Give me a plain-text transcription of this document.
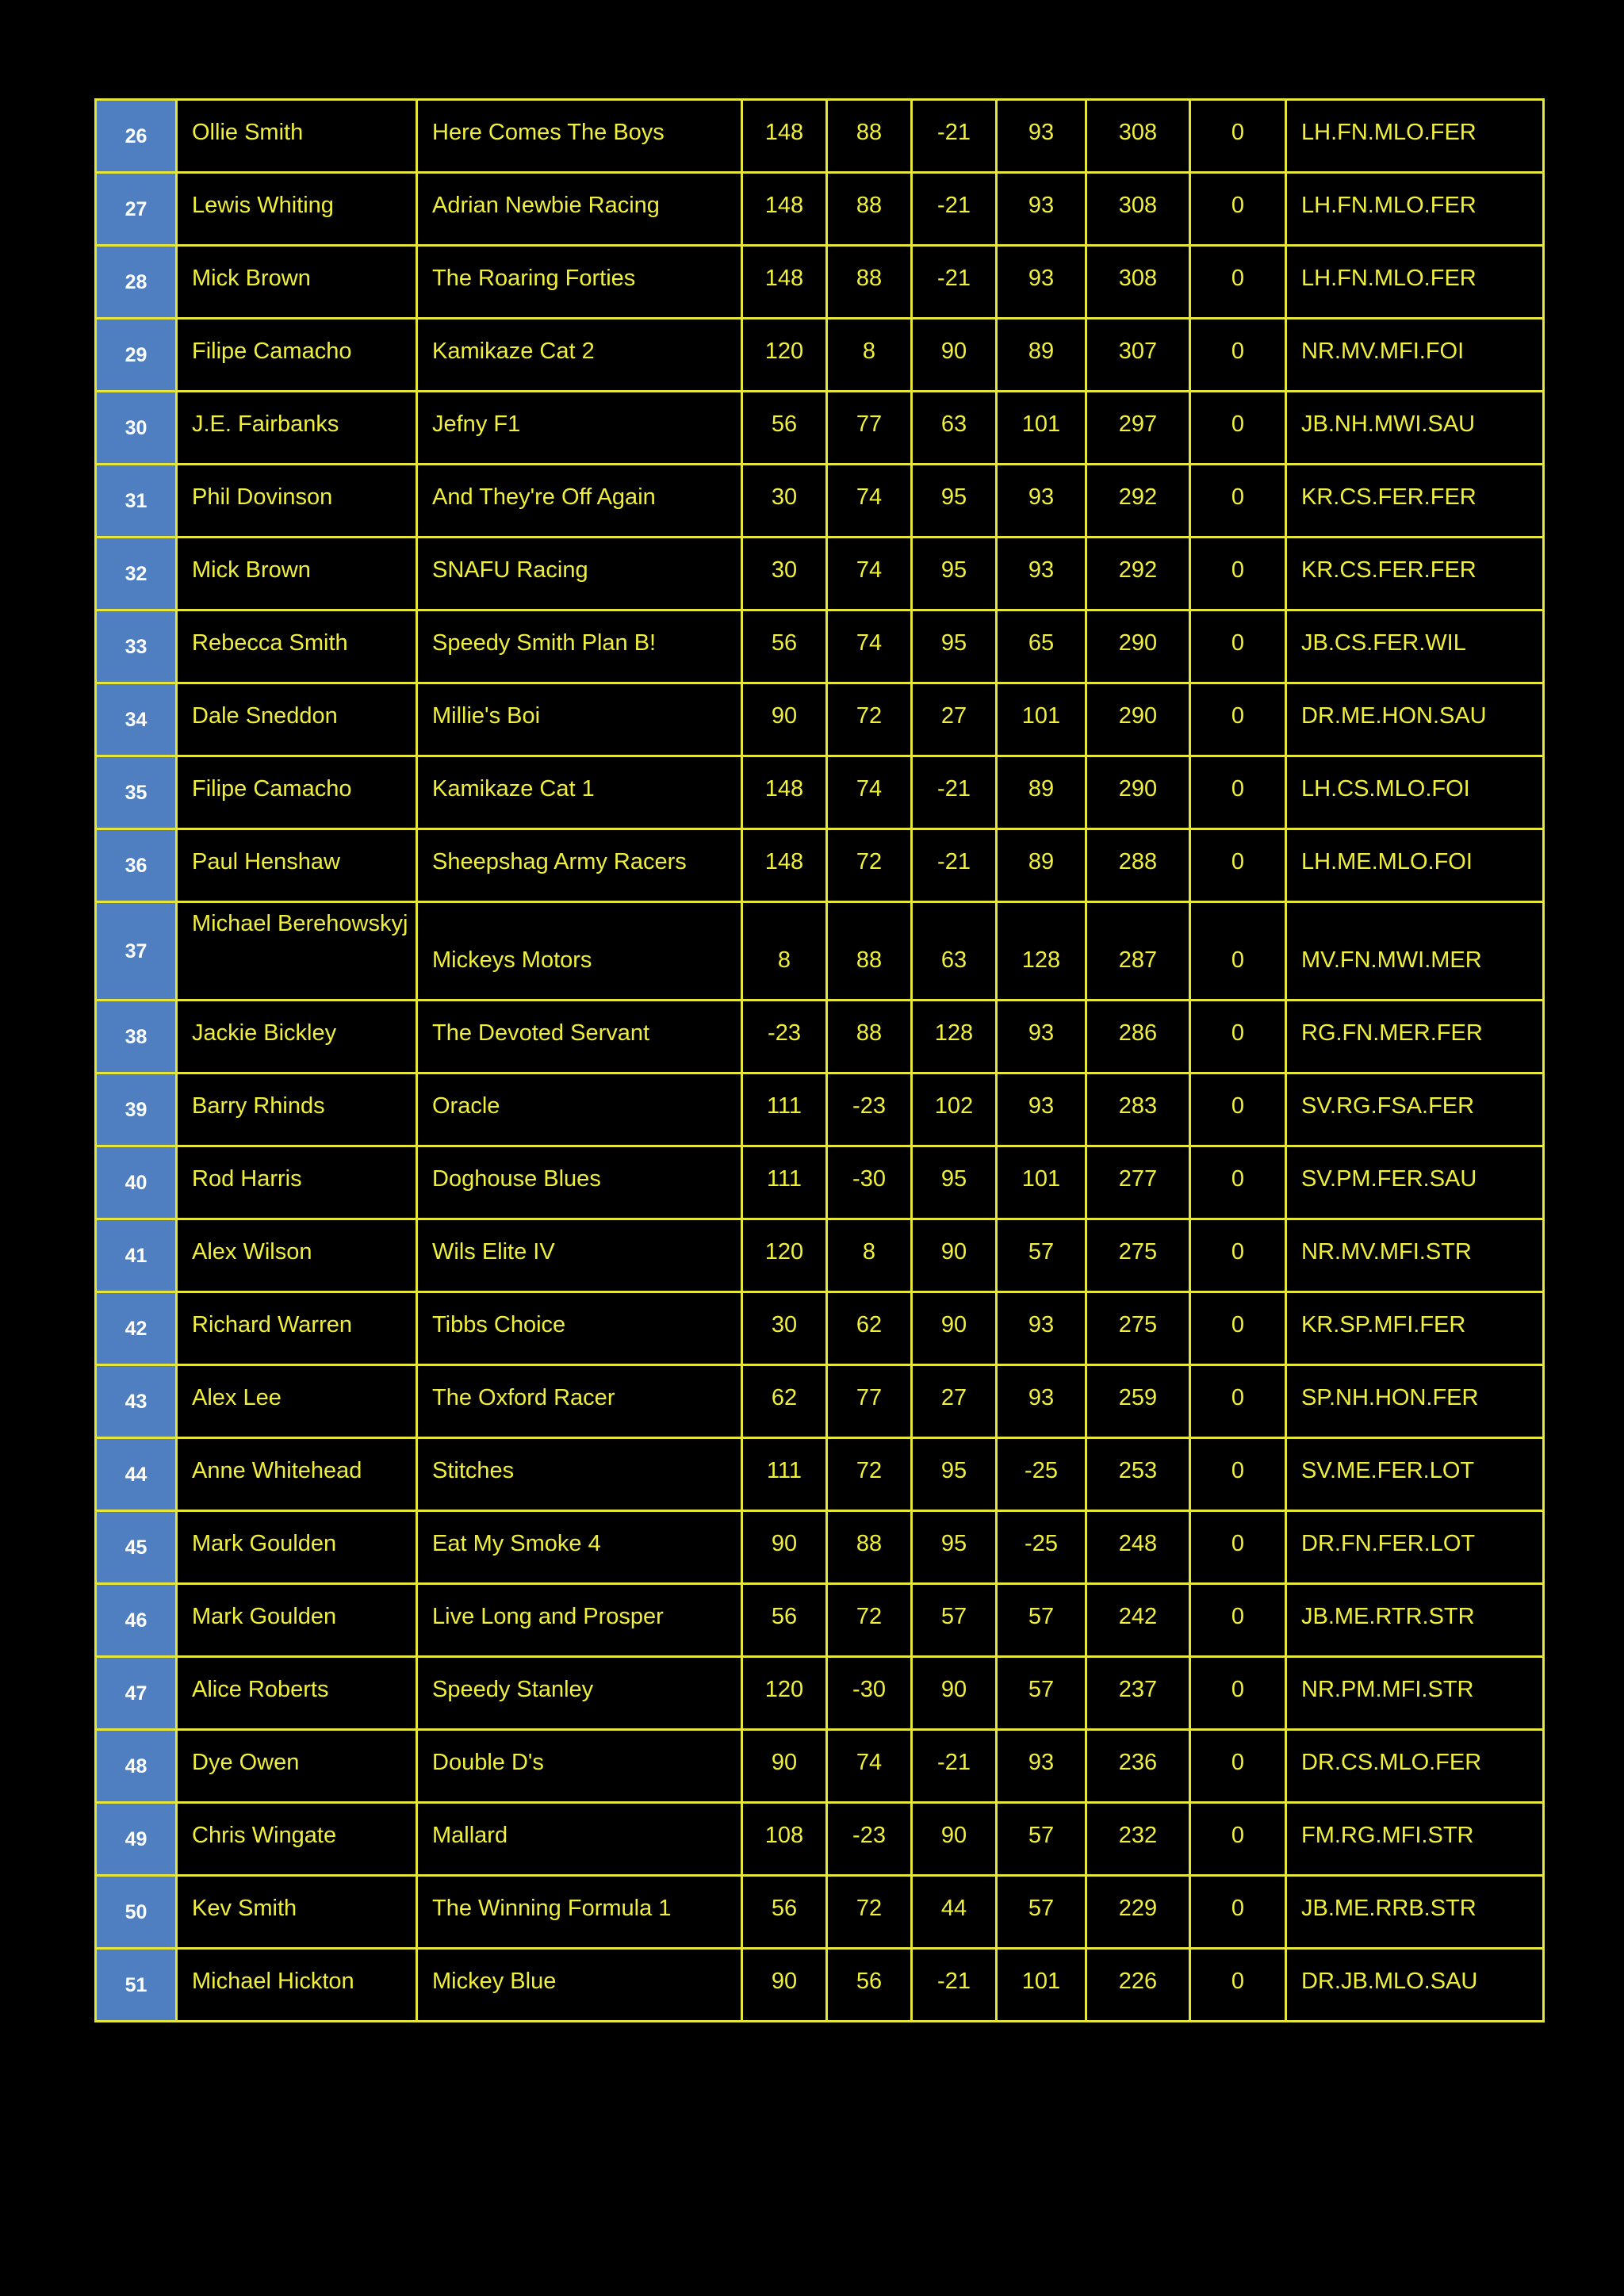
26	Ollie Smith	Here Comes The Boys	148	88	-21	93	308	0	LH.FN.MLO.FER
27	Lewis Whiting	Adrian Newbie Racing	148	88	-21	93	308	0	LH.FN.MLO.FER
28	Mick Brown	The Roaring Forties	148	88	-21	93	308	0	LH.FN.MLO.FER
29	Filipe Camacho	Kamikaze Cat 2	120	8	90	89	307	0	NR.MV.MFI.FOI
30	J.E. Fairbanks	Jefny F1	56	77	63	101	297	0	JB.NH.MWI.SAU
31	Phil Dovinson	And They're Off Again	30	74	95	93	292	0	KR.CS.FER.FER
32	Mick Brown	SNAFU Racing	30	74	95	93	292	0	KR.CS.FER.FER
33	Rebecca Smith	Speedy Smith Plan B!	56	74	95	65	290	0	JB.CS.FER.WIL
34	Dale Sneddon	Millie's Boi	90	72	27	101	290	0	DR.ME.HON.SAU
35	Filipe Camacho	Kamikaze Cat 1	148	74	-21	89	290	0	LH.CS.MLO.FOI
36	Paul Henshaw	Sheepshag Army Racers	148	72	-21	89	288	0	LH.ME.MLO.FOI
37	Michael Berehowskyj	Mickeys Motors	8	88	63	128	287	0	MV.FN.MWI.MER
38	Jackie Bickley	The Devoted Servant	-23	88	128	93	286	0	RG.FN.MER.FER
39	Barry Rhinds	Oracle	111	-23	102	93	283	0	SV.RG.FSA.FER
40	Rod Harris	Doghouse Blues	111	-30	95	101	277	0	SV.PM.FER.SAU
41	Alex Wilson	Wils Elite IV	120	8	90	57	275	0	NR.MV.MFI.STR
42	Richard Warren	Tibbs Choice	30	62	90	93	275	0	KR.SP.MFI.FER
43	Alex Lee	The Oxford Racer	62	77	27	93	259	0	SP.NH.HON.FER
44	Anne Whitehead	Stitches	111	72	95	-25	253	0	SV.ME.FER.LOT
45	Mark Goulden	Eat My Smoke 4	90	88	95	-25	248	0	DR.FN.FER.LOT
46	Mark Goulden	Live Long and Prosper	56	72	57	57	242	0	JB.ME.RTR.STR
47	Alice Roberts	Speedy Stanley	120	-30	90	57	237	0	NR.PM.MFI.STR
48	Dye Owen	Double D's	90	74	-21	93	236	0	DR.CS.MLO.FER
49	Chris Wingate	Mallard	108	-23	90	57	232	0	FM.RG.MFI.STR
50	Kev Smith	The Winning Formula 1	56	72	44	57	229	0	JB.ME.RRB.STR
51	Michael Hickton	Mickey Blue	90	56	-21	101	226	0	DR.JB.MLO.SAU
